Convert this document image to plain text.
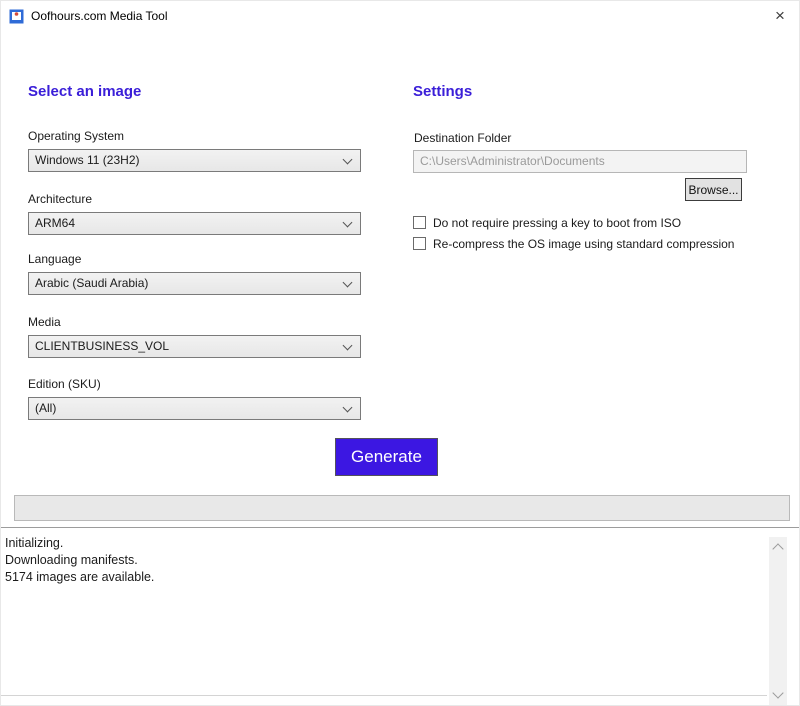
Oofhours.com Media Tool	×
Select an image	Settings
Operating System
Windows 11 (23H2)
Architecture
ARM64
Language
Arabic (Saudi Arabia)
Media
CLIENTBUSINESS_VOL
Edition (SKU)
(All)
Destination Folder
C:\Users\Administrator\Documents
Browse...
Do not require pressing a key to boot from ISO
Re-compress the OS image using standard compression
Generate
Initializing.
Downloading manifests.
5174 images are available.
